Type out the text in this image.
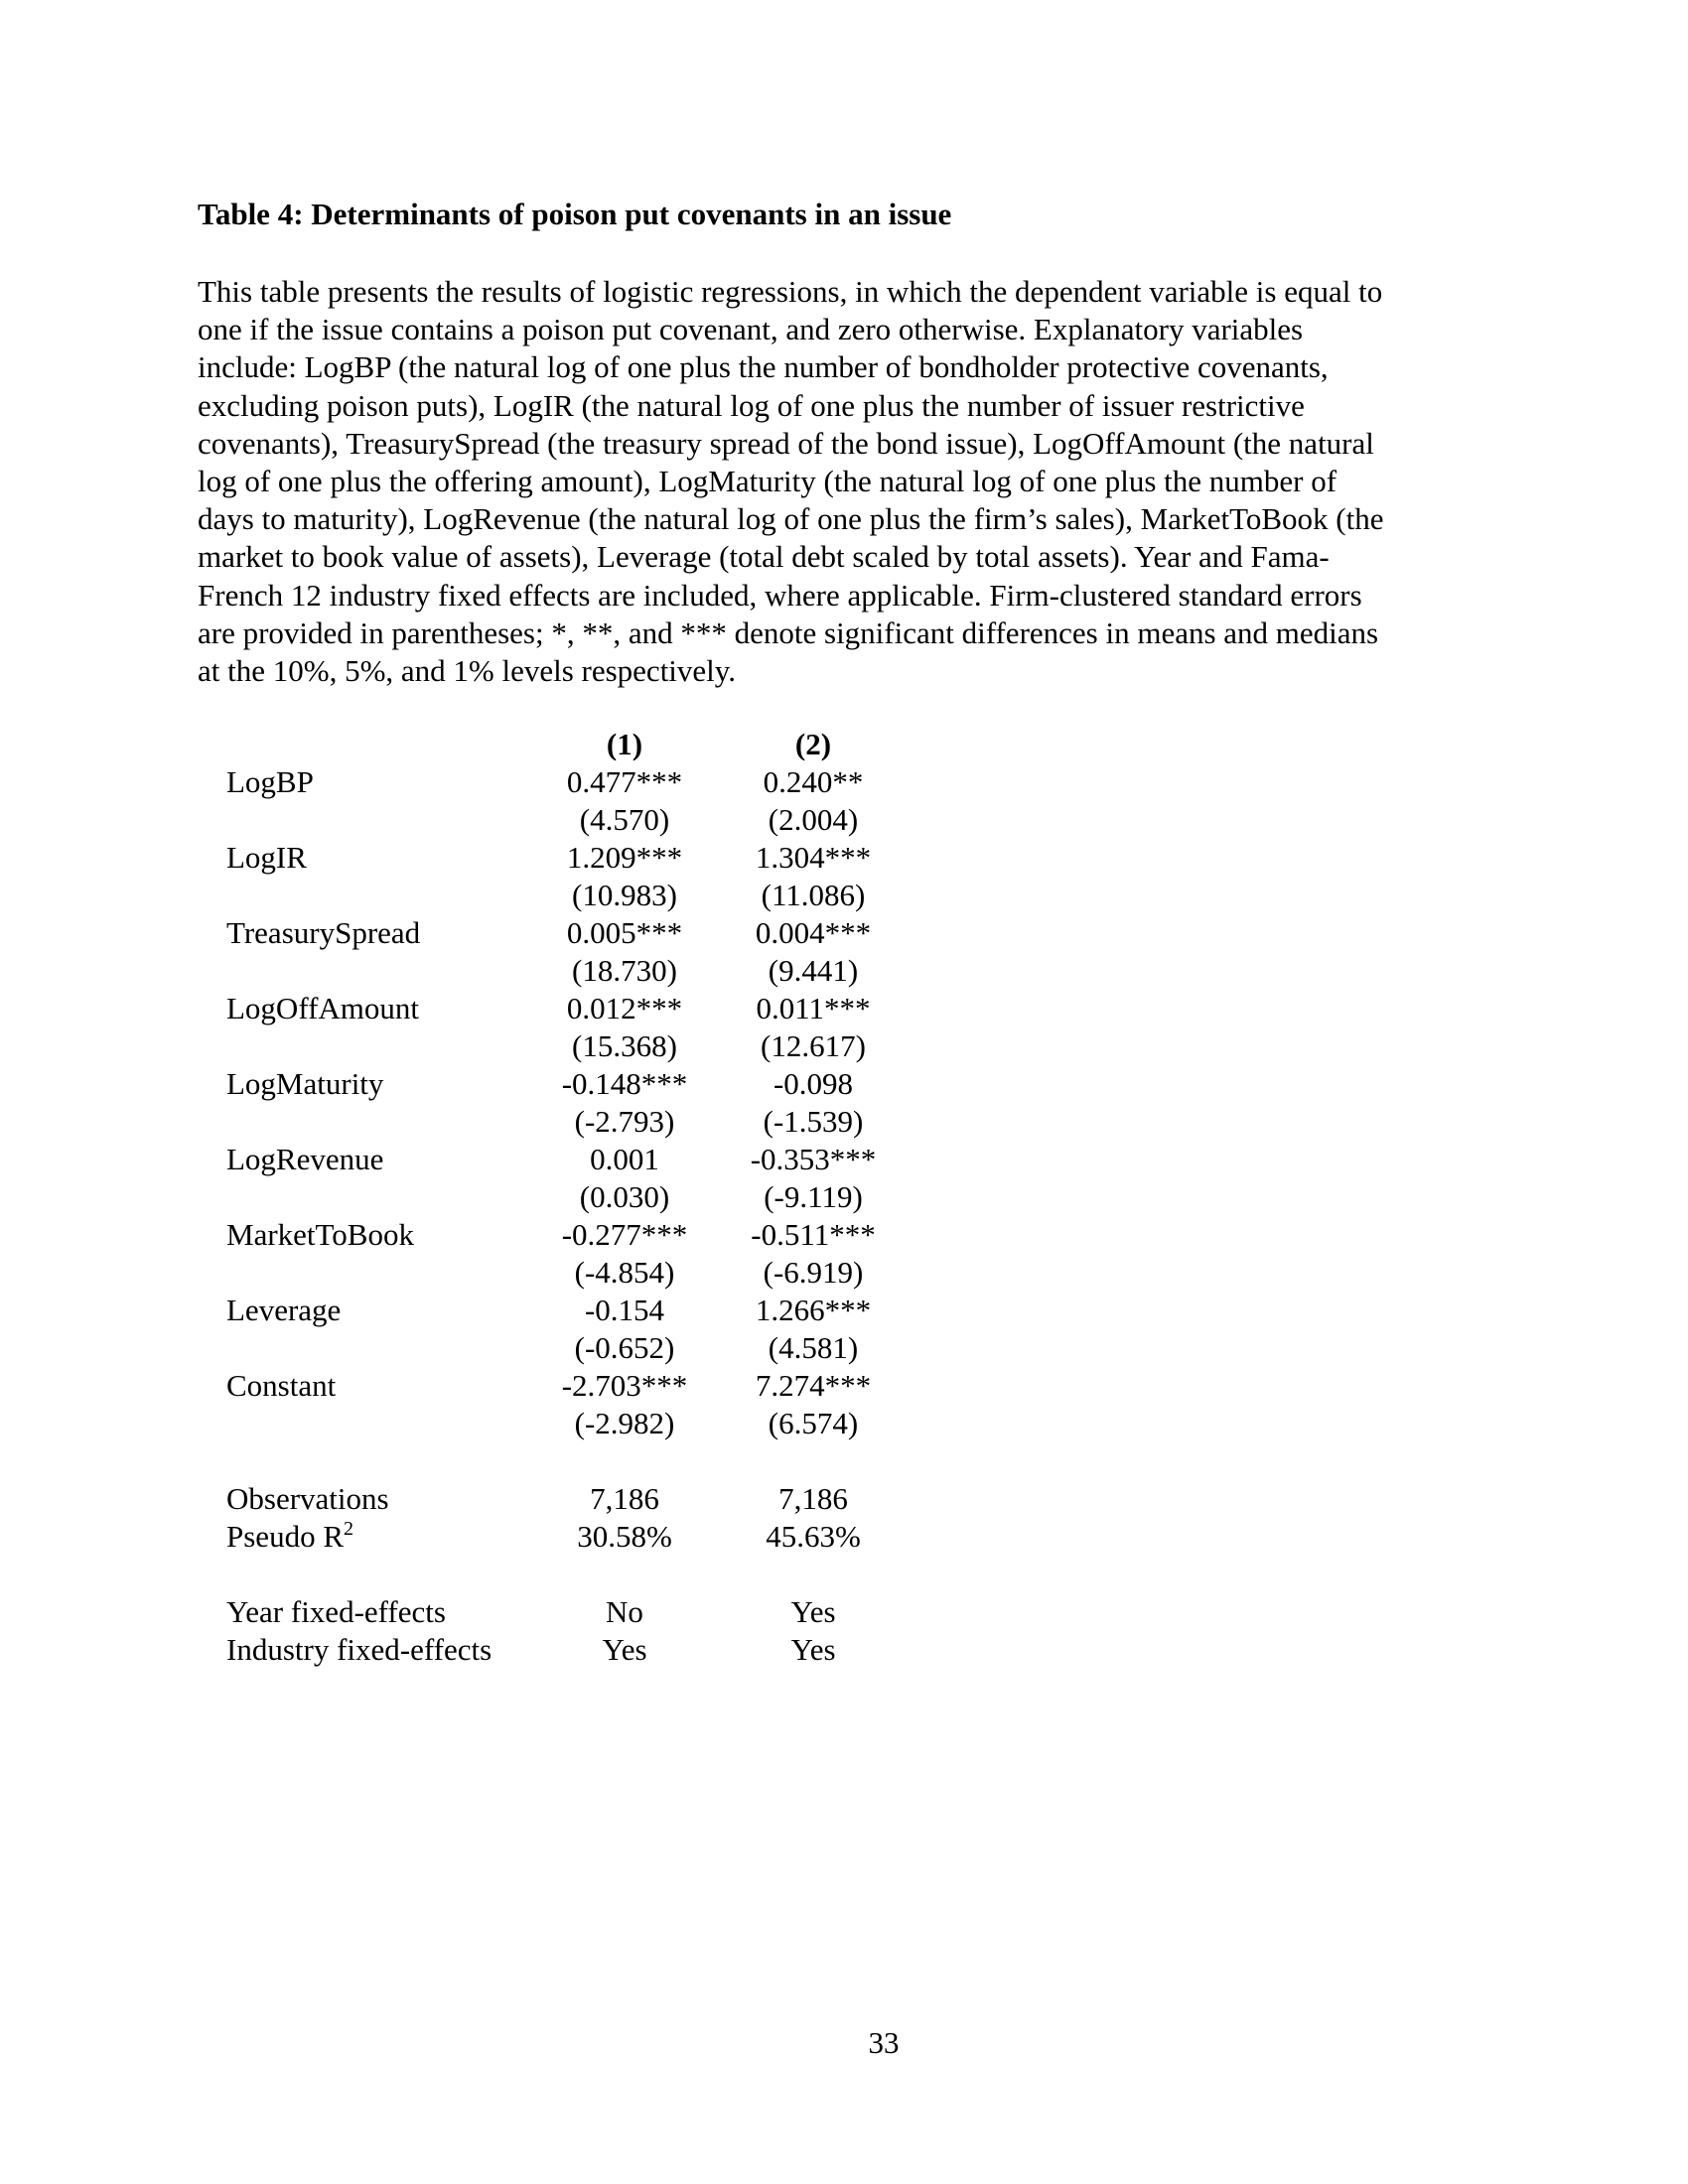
Table 4: Determinants of poison put covenants in an issue
This table presents the results of logistic regressions, in which the dependent variable is equal to
one if the issue contains a poison put covenant, and zero otherwise. Explanatory variables
include: LogBP (the natural log of one plus the number of bondholder protective covenants,
excluding poison puts), LogIR (the natural log of one plus the number of issuer restrictive
covenants), TreasurySpread (the treasury spread of the bond issue), LogOffAmount (the natural
log of one plus the offering amount), LogMaturity (the natural log of one plus the number of
days to maturity), LogRevenue (the natural log of one plus the firm’s sales), MarketToBook (the
market to book value of assets), Leverage (total debt scaled by total assets). Year and Fama-
French 12 industry fixed effects are included, where applicable. Firm-clustered standard errors
are provided in parentheses; *, **, and *** denote significant differences in means and medians
at the 10%, 5%, and 1% levels respectively.
(1)	(2)
LogBP	0.477***	0.240**
(4.570)	(2.004)
LogIR	1.209***	1.304***
(10.983)	(11.086)
TreasurySpread	0.005***	0.004***
(18.730)	(9.441)
LogOffAmount	0.012***	0.011***
(15.368)	(12.617)
LogMaturity	-0.148***	-0.098
(-2.793)	(-1.539)
LogRevenue	0.001	-0.353***
(0.030)	(-9.119)
MarketToBook	-0.277***	-0.511***
(-4.854)	(-6.919)
Leverage	-0.154	1.266***
(-0.652)	(4.581)
Constant	-2.703***	7.274***
(-2.982)	(6.574)
Observations	7,186	7,186
Pseudo $R^2$	30.58%	45.63%
Year fixed-effects	No	Yes
Industry fixed-effects	Yes	Yes
33
